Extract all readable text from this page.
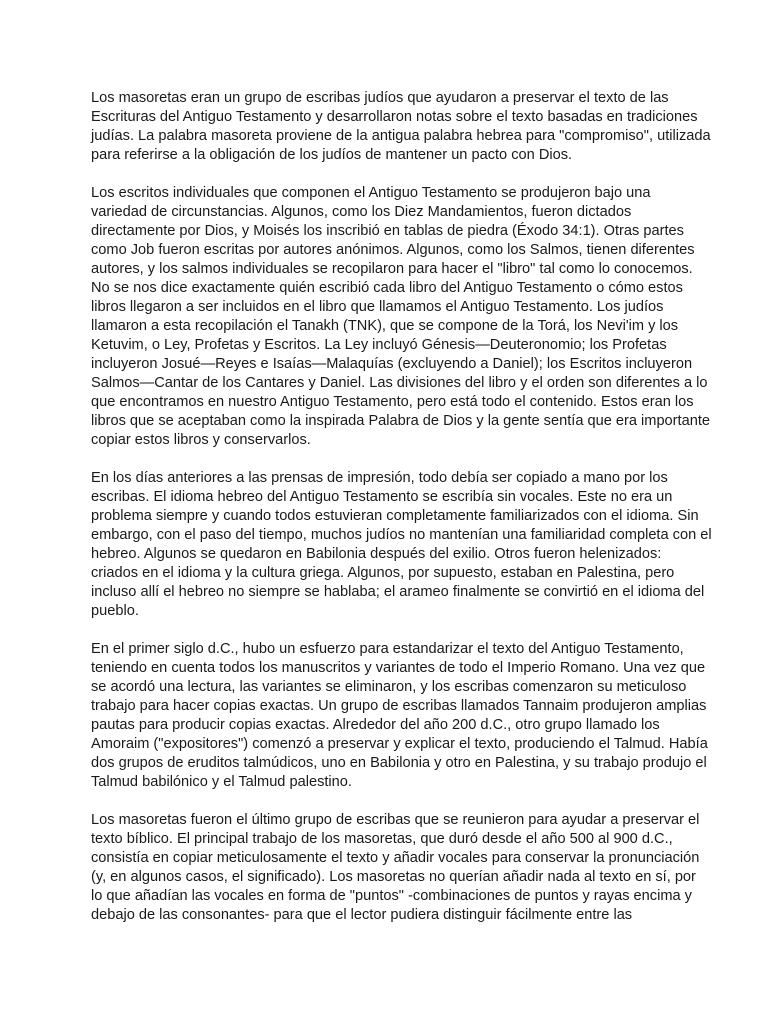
Los masoretas eran un grupo de escribas judíos que ayudaron a preservar el texto de las
Escrituras del Antiguo Testamento y desarrollaron notas sobre el texto basadas en tradiciones
judías. La palabra masoreta proviene de la antigua palabra hebrea para "compromiso", utilizada
para referirse a la obligación de los judíos de mantener un pacto con Dios.

Los escritos individuales que componen el Antiguo Testamento se produjeron bajo una
variedad de circunstancias. Algunos, como los Diez Mandamientos, fueron dictados
directamente por Dios, y Moisés los inscribió en tablas de piedra (Éxodo 34:1). Otras partes
como Job fueron escritas por autores anónimos. Algunos, como los Salmos, tienen diferentes
autores, y los salmos individuales se recopilaron para hacer el "libro" tal como lo conocemos.
No se nos dice exactamente quién escribió cada libro del Antiguo Testamento o cómo estos
libros llegaron a ser incluidos en el libro que llamamos el Antiguo Testamento. Los judíos
llamaron a esta recopilación el Tanakh (TNK), que se compone de la Torá, los Nevi'im y los
Ketuvim, o Ley, Profetas y Escritos. La Ley incluyó Génesis—Deuteronomio; los Profetas
incluyeron Josué—Reyes e Isaías—Malaquías (excluyendo a Daniel); los Escritos incluyeron
Salmos—Cantar de los Cantares y Daniel. Las divisiones del libro y el orden son diferentes a lo
que encontramos en nuestro Antiguo Testamento, pero está todo el contenido. Estos eran los
libros que se aceptaban como la inspirada Palabra de Dios y la gente sentía que era importante
copiar estos libros y conservarlos.

En los días anteriores a las prensas de impresión, todo debía ser copiado a mano por los
escribas. El idioma hebreo del Antiguo Testamento se escribía sin vocales. Este no era un
problema siempre y cuando todos estuvieran completamente familiarizados con el idioma. Sin
embargo, con el paso del tiempo, muchos judíos no mantenían una familiaridad completa con el
hebreo. Algunos se quedaron en Babilonia después del exilio. Otros fueron helenizados:
criados en el idioma y la cultura griega. Algunos, por supuesto, estaban en Palestina, pero
incluso allí el hebreo no siempre se hablaba; el arameo finalmente se convirtió en el idioma del
pueblo.

En el primer siglo d.C., hubo un esfuerzo para estandarizar el texto del Antiguo Testamento,
teniendo en cuenta todos los manuscritos y variantes de todo el Imperio Romano. Una vez que
se acordó una lectura, las variantes se eliminaron, y los escribas comenzaron su meticuloso
trabajo para hacer copias exactas. Un grupo de escribas llamados Tannaim produjeron amplias
pautas para producir copias exactas. Alrededor del año 200 d.C., otro grupo llamado los
Amoraim ("expositores") comenzó a preservar y explicar el texto, produciendo el Talmud. Había
dos grupos de eruditos talmúdicos, uno en Babilonia y otro en Palestina, y su trabajo produjo el
Talmud babilónico y el Talmud palestino.

Los masoretas fueron el último grupo de escribas que se reunieron para ayudar a preservar el
texto bíblico. El principal trabajo de los masoretas, que duró desde el año 500 al 900 d.C.,
consistía en copiar meticulosamente el texto y añadir vocales para conservar la pronunciación
(y, en algunos casos, el significado). Los masoretas no querían añadir nada al texto en sí, por
lo que añadían las vocales en forma de "puntos" -combinaciones de puntos y rayas encima y
debajo de las consonantes- para que el lector pudiera distinguir fácilmente entre las
